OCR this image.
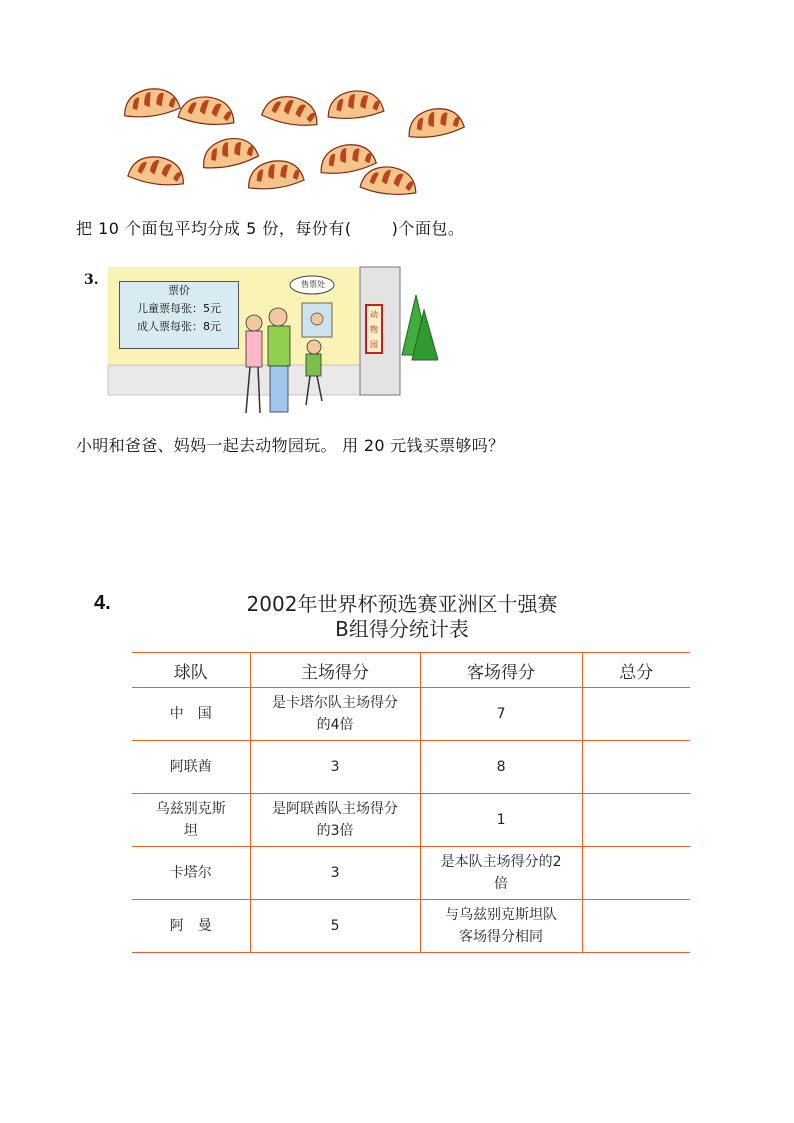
把 10 个面包平均分成 5 份，每份有(	)个面包。
3.
动
物
园
售票处
票价
儿童票每张：5元
成人票每张：8元
小明和爸爸、妈妈一起去动物园玩。 用 20 元钱买票够吗？
4.	2002年世界杯预选赛亚洲区十强赛
B组得分统计表
球队	主场得分	客场得分	总分
中　国	是卡塔尔队主场得分的4倍	7	
阿联酋	3	8	
乌兹别克斯坦	是阿联酋队主场得分的3倍	1	
卡塔尔	3	是本队主场得分的2倍	
阿　曼	5	与乌兹别克斯坦队客场得分相同	
